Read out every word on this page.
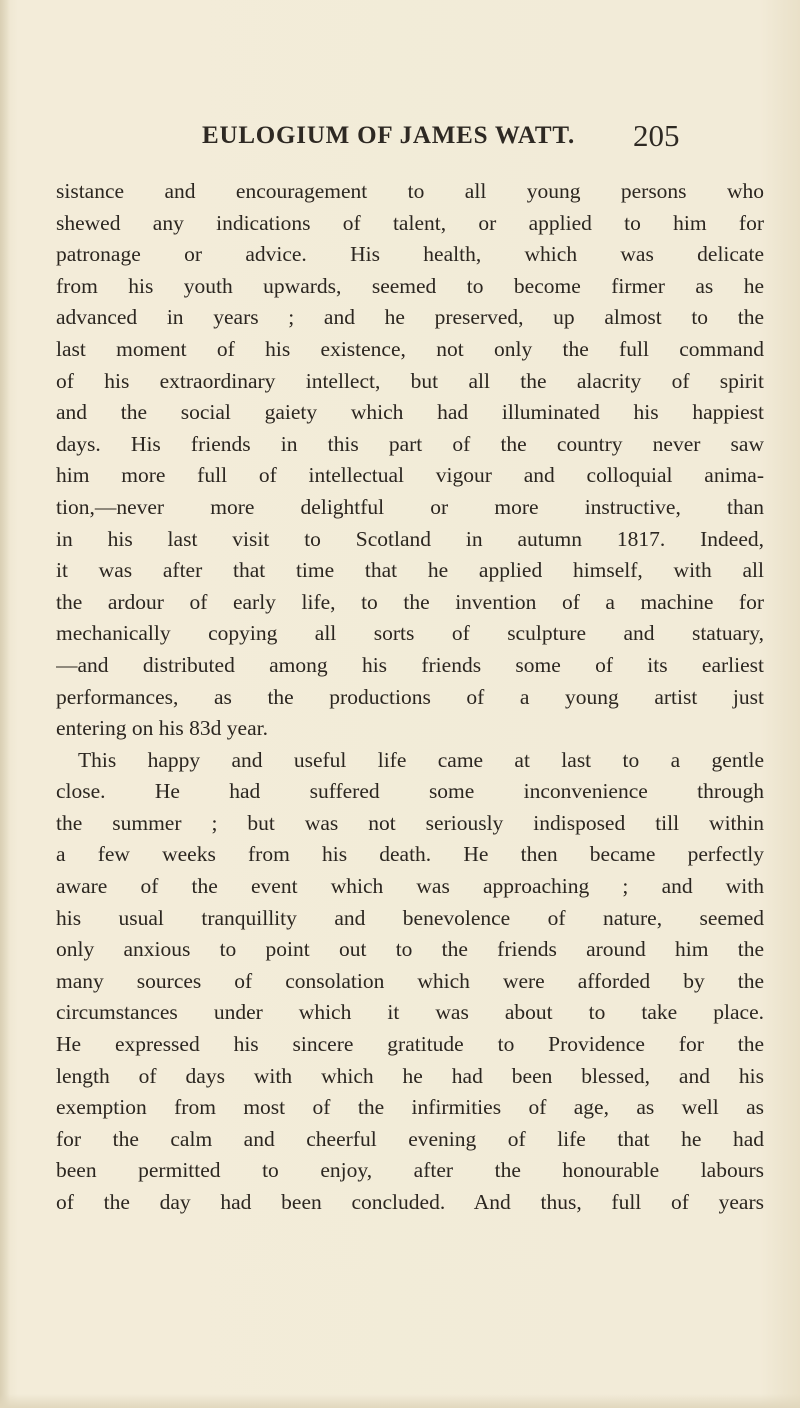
EULOGIUM OF JAMES WATT. 205
sistance and encouragement to all young persons who
shewed any indications of talent, or applied to him for
patronage or advice. His health, which was delicate
from his youth upwards, seemed to become firmer as he
advanced in years ; and he preserved, up almost to the
last moment of his existence, not only the full command
of his extraordinary intellect, but all the alacrity of spirit
and the social gaiety which had illuminated his happiest
days. His friends in this part of the country never saw
him more full of intellectual vigour and colloquial anima-
tion,—never more delightful or more instructive, than
in his last visit to Scotland in autumn 1817. Indeed,
it was after that time that he applied himself, with all
the ardour of early life, to the invention of a machine for
mechanically copying all sorts of sculpture and statuary,
—and distributed among his friends some of its earliest
performances, as the productions of a young artist just
entering on his 83d year.
This happy and useful life came at last to a gentle
close. He had suffered some inconvenience through
the summer ; but was not seriously indisposed till within
a few weeks from his death. He then became perfectly
aware of the event which was approaching ; and with
his usual tranquillity and benevolence of nature, seemed
only anxious to point out to the friends around him the
many sources of consolation which were afforded by the
circumstances under which it was about to take place.
He expressed his sincere gratitude to Providence for the
length of days with which he had been blessed, and his
exemption from most of the infirmities of age, as well as
for the calm and cheerful evening of life that he had
been permitted to enjoy, after the honourable labours
of the day had been concluded. And thus, full of years
